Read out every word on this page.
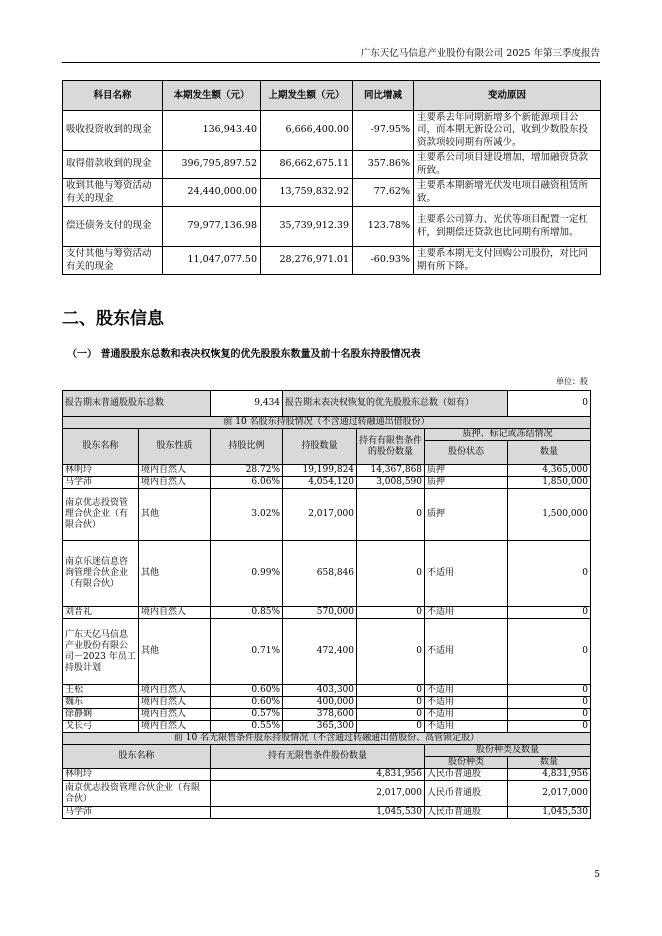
广东天亿马信息产业股份有限公司 2025 年第三季度报告
科目名称	本期发生额（元）	上期发生额（元）	同比增减	变动原因
吸收投资收到的现金	136,943.40	6,666,400.00	-97.95%	主要系去年同期新增多个新能源项目公司，而本期无新设公司，收到少数股东投资款项较同期有所减少。
取得借款收到的现金	396,795,897.52	86,662,675.11	357.86%	主要系公司项目建设增加，增加融资贷款所致。
收到其他与筹资活动有关的现金	24,440,000.00	13,759,832.92	77.62%	主要系本期新增光伏发电项目融资租赁所致。
偿还债务支付的现金	79,977,136.98	35,739,912.39	123.78%	主要系公司算力、光伏等项目配置一定杠杆，到期偿还贷款也比同期有所增加。
支付其他与筹资活动有关的现金	11,047,077.50	28,276,971.01	-60.93%	主要系本期无支付回购公司股份，对比同期有所下降。
二、股东信息
（一） 普通股股东总数和表决权恢复的优先股股东数量及前十名股东持股情况表
单位：股
报告期末普通股股东总数		9,434	报告期末表决权恢复的优先股股东总数（如有）			0
前 10 名股东持股情况（不含通过转融通出借股份）						
股东名称	股东性质	持股比例	持股数量	持有有限售条件的股份数量	质押、标记或冻结情况	
					股份状态	数量
林明玲	境内自然人	28.72%	19,199,824	14,367,868	质押	4,365,000
马学沛	境内自然人	6.06%	4,054,120	3,008,590	质押	1,850,000
南京优志投资管理合伙企业（有限合伙）	其他	3.02%	2,017,000	0	质押	1,500,000
南京乐迷信息咨询管理合伙企业（有限合伙）	其他	0.99%	658,846	0	不适用	0
刘晋礼	境内自然人	0.85%	570,000	0	不适用	0
广东天亿马信息产业股份有限公司－2023 年员工持股计划	其他	0.71%	472,400	0	不适用	0
王松	境内自然人	0.60%	403,300	0	不适用	0
魏东	境内自然人	0.60%	400,000	0	不适用	0
徐静娴	境内自然人	0.57%	378,600	0	不适用	0
戈长弓	境内自然人	0.55%	365,300	0	不适用	0
前 10 名无限售条件股东持股情况（不含通过转融通出借股份、高管锁定股）						
股东名称		持有无限售条件股份数量			股份种类及数量	
					股份种类	数量
林明玲		4,831,956			人民币普通股	4,831,956
南京优志投资管理合伙企业（有限合伙）		2,017,000			人民币普通股	2,017,000
马学沛		1,045,530			人民币普通股	1,045,530
5
